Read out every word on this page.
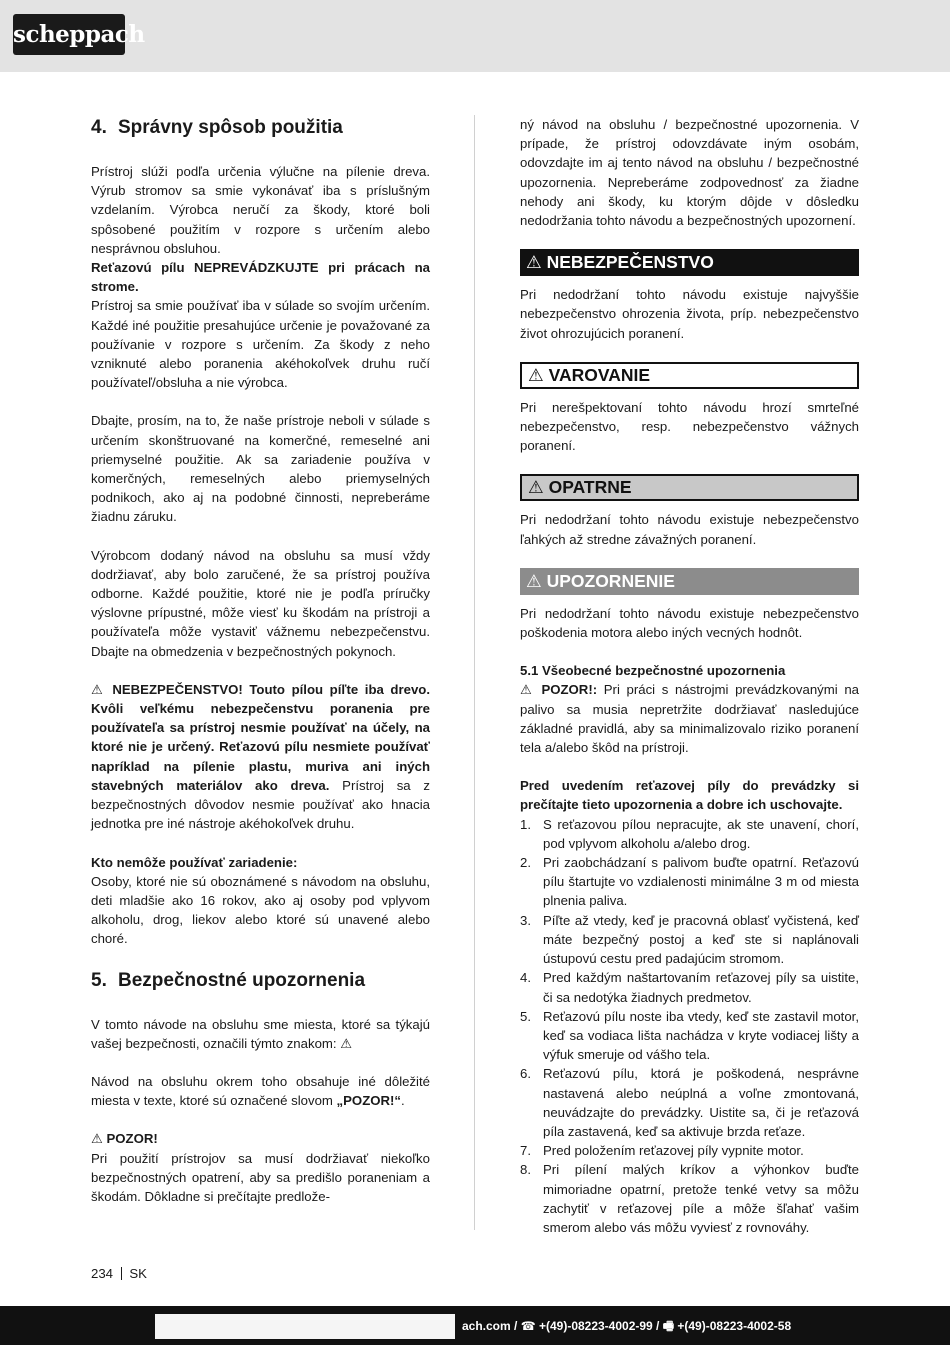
scheppach
4. Správny spôsob použitia

Prístroj slúži podľa určenia výlučne na pílenie dreva. Výrub stromov sa smie vykonávať iba s príslušným vzdelaním. Výrobca neručí za škody, ktoré boli spôsobené použitím v rozpore s určením alebo nesprávnou obsluhou.
Reťazovú pílu NEPREVÁDZKUJTE pri prácach na strome.
Prístroj sa smie používať iba v súlade so svojím určením. Každé iné použitie presahujúce určenie je považované za používanie v rozpore s určením. Za škody z neho vzniknuté alebo poranenia akéhokoľvek druhu ručí používateľ/obsluha a nie výrobca.

Dbajte, prosím, na to, že naše prístroje neboli v súlade s určením skonštruované na komerčné, remeselné ani priemyselné použitie. Ak sa zariadenie používa v komerčných, remeselných alebo priemyselných podnikoch, ako aj na podobné činnosti, nepreberáme žiadnu záruku.

Výrobcom dodaný návod na obsluhu sa musí vždy dodržiavať, aby bolo zaručené, že sa prístroj používa odborne. Každé použitie, ktoré nie je podľa príručky výslovne prípustné, môže viesť ku škodám na prístroji a používateľa môže vystaviť vážnemu nebezpečenstvu. Dbajte na obmedzenia v bezpečnostných pokynoch.

⚠ NEBEZPEČENSTVO! Touto pílou píľte iba drevo. Kvôli veľkému nebezpečenstvu poranenia pre používateľa sa prístroj nesmie používať na účely, na ktoré nie je určený. Reťazovú pílu nesmiete používať napríklad na pílenie plastu, muriva ani iných stavebných materiálov ako dreva. Prístroj sa z bezpečnostných dôvodov nesmie používať ako hnacia jednotka pre iné nástroje akéhokoľvek druhu.

Kto nemôže používať zariadenie:
Osoby, ktoré nie sú oboznámené s návodom na obsluhu, deti mladšie ako 16 rokov, ako aj osoby pod vplyvom alkoholu, drog, liekov alebo ktoré sú unavené alebo choré.

5. Bezpečnostné upozornenia

V tomto návode na obsluhu sme miesta, ktoré sa týkajú vašej bezpečnosti, označili týmto znakom: ⚠

Návod na obsluhu okrem toho obsahuje iné dôležité miesta v texte, ktoré sú označené slovom „POZOR!“.

⚠ POZOR!
Pri použití prístrojov sa musí dodržiavať niekoľko bezpečnostných opatrení, aby sa predišlo poraneniam a škodám. Dôkladne si prečítajte predlože-

ný návod na obsluhu / bezpečnostné upozornenia. V prípade, že prístroj odovzdávate iným osobám, odovzdajte im aj tento návod na obsluhu / bezpečnostné upozornenia. Nepreberáme zodpovednosť za žiadne nehody ani škody, ku ktorým dôjde v dôsledku nedodržania tohto návodu a bezpečnostných upozornení.

⚠ NEBEZPEČENSTVO

Pri nedodržaní tohto návodu existuje najvyššie nebezpečenstvo ohrozenia života, príp. nebezpečenstvo život ohrozujúcich poranení.

⚠ VAROVANIE

Pri nerešpektovaní tohto návodu hrozí smrteľné nebezpečenstvo, resp. nebezpečenstvo vážnych poranení.

⚠ OPATRNE

Pri nedodržaní tohto návodu existuje nebezpečenstvo ľahkých až stredne závažných poranení.

⚠ UPOZORNENIE

Pri nedodržaní tohto návodu existuje nebezpečenstvo poškodenia motora alebo iných vecných hodnôt.

5.1 Všeobecné bezpečnostné upozornenia
⚠ POZOR!: Pri práci s nástrojmi prevádzkovanými na palivo sa musia nepretržite dodržiavať nasledujúce základné pravidlá, aby sa minimalizovalo riziko poranení tela a/alebo škôd na prístroji.

Pred uvedením reťazovej píly do prevádzky si prečítajte tieto upozornenia a dobre ich uschovajte.

1. S reťazovou pílou nepracujte, ak ste unavení, chorí, pod vplyvom alkoholu a/alebo drog.
2. Pri zaobchádzaní s palivom buďte opatrní. Reťazovú pílu štartujte vo vzdialenosti minimálne 3 m od miesta plnenia paliva.
3. Píľte až vtedy, keď je pracovná oblasť vyčistená, keď máte bezpečný postoj a keď ste si naplánovali ústupovú cestu pred padajúcim stromom.
4. Pred každým naštartovaním reťazovej píly sa uistite, či sa nedotýka žiadnych predmetov.
5. Reťazovú pílu noste iba vtedy, keď ste zastavil motor, keď sa vodiaca lišta nachádza v kryte vodiacej lišty a výfuk smeruje od vášho tela.
6. Reťazovú pílu, ktorá je poškodená, nesprávne nastavená alebo neúplná a voľne zmontovaná, neuvádzajte do prevádzky. Uistite sa, či je reťazová píla zastavená, keď sa aktivuje brzda reťaze.
7. Pred položením reťazovej píly vypnite motor.
8. Pri pílení malých kríkov a výhonkov buďte mimoriadne opatrní, pretože tenké vetvy sa môžu zachytiť v reťazovej píle a môže šľahať vašim smerom alebo vás môžu vyviesť z rovnováhy.
234 SK
ach.com / ☎ +(49)-08223-4002-99 / 🖷 +(49)-08223-4002-58
